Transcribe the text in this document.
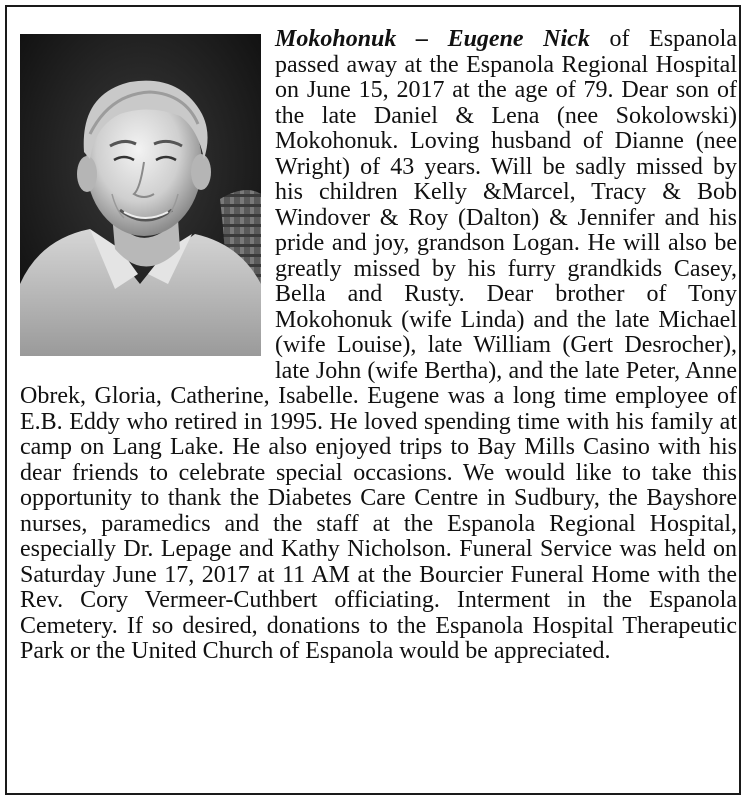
Mokohonuk – Eugene Nick of Espanola passed away at the Espanola Regional Hospital on June 15, 2017 at the age of 79. Dear son of the late Daniel & Lena (nee Sokolowski) Mokohonuk. Loving husband of Dianne (nee Wright) of 43 years. Will be sadly missed by his children Kelly &Marcel, Tracy & Bob Windover & Roy (Dalton) & Jennifer and his pride and joy, grandson Logan. He will also be greatly missed by his furry grandkids Casey, Bella and Rusty. Dear brother of Tony Mokohonuk (wife Linda) and the late Michael (wife Louise), late William (Gert Desrocher), late John (wife Bertha), and the late Peter, Anne Obrek, Gloria, Catherine, Isabelle. Eugene was a long time employee of E.B. Eddy who retired in 1995. He loved spending time with his family at camp on Lang Lake. He also enjoyed trips to Bay Mills Casino with his dear friends to celebrate special occasions. We would like to take this opportunity to thank the Diabetes Care Centre in Sudbury, the Bayshore nurses, paramedics and the staff at the Espanola Regional Hospital, especially Dr. Lepage and Kathy Nicholson. Funeral Service was held on Saturday June 17, 2017 at 11 AM at the Bourcier Funeral Home with the Rev. Cory Vermeer-Cuthbert officiating. Interment in the Espanola Cemetery. If so desired, donations to the Espanola Hospital Therapeutic Park or the United Church of Espanola would be appreciated.
